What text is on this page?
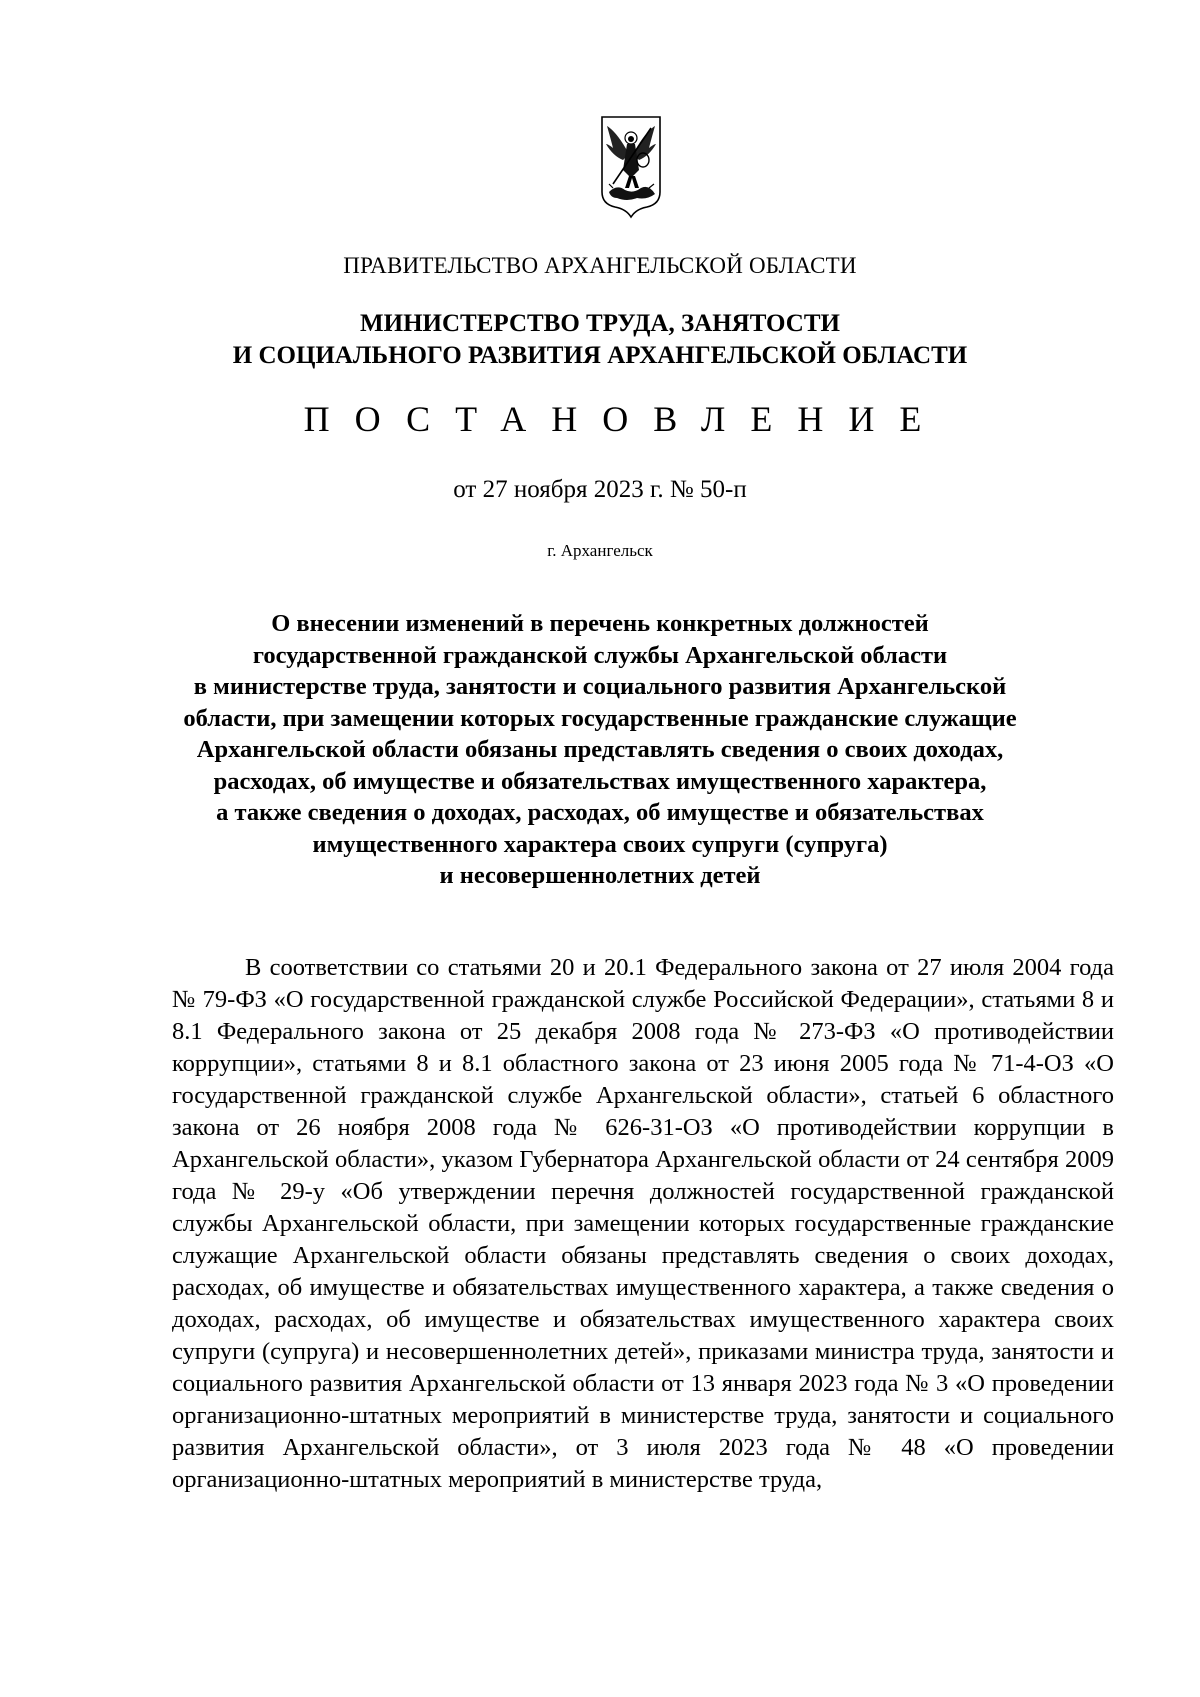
ПРАВИТЕЛЬСТВО АРХАНГЕЛЬСКОЙ ОБЛАСТИ
МИНИСТЕРСТВО ТРУДА, ЗАНЯТОСТИ
И СОЦИАЛЬНОГО РАЗВИТИЯ АРХАНГЕЛЬСКОЙ ОБЛАСТИ
ПОСТАНОВЛЕНИЕ
от 27 ноября 2023 г. № 50-п
г. Архангельск
О внесении изменений в перечень конкретных должностей
государственной гражданской службы Архангельской области
в министерстве труда, занятости и социального развития Архангельской
области, при замещении которых государственные гражданские служащие
Архангельской области обязаны представлять сведения о своих доходах,
расходах, об имуществе и обязательствах имущественного характера,
а также сведения о доходах, расходах, об имуществе и обязательствах
имущественного характера своих супруги (супруга)
и несовершеннолетних детей

В соответствии со статьями 20 и 20.1 Федерального закона от 27 июля 2004 года № 79-ФЗ «О государственной гражданской службе Российской Федерации», статьями 8 и 8.1 Федерального закона от 25 декабря 2008 года № 273-ФЗ «О противодействии коррупции», статьями 8 и 8.1 областного закона от 23 июня 2005 года № 71-4-ОЗ «О государственной гражданской службе Архангельской области», статьей 6 областного закона от 26 ноября 2008 года № 626-31-ОЗ «О противодействии коррупции в Архангельской области», указом Губернатора Архангельской области от 24 сентября 2009 года № 29-у «Об утверждении перечня должностей государственной гражданской службы Архангельской области, при замещении которых государственные гражданские служащие Архангельской области обязаны представлять сведения о своих доходах, расходах, об имуществе и обязательствах имущественного характера, а также сведения о доходах, расходах, об имуществе и обязательствах имущественного характера своих супруги (супруга) и несовершеннолетних детей», приказами министра труда, занятости и социального развития Архангельской области от 13 января 2023 года № 3 «О проведении организационно-штатных мероприятий в министерстве труда, занятости и социального развития Архангельской области», от 3 июля 2023 года № 48 «О проведении организационно-штатных мероприятий в министерстве труда,
